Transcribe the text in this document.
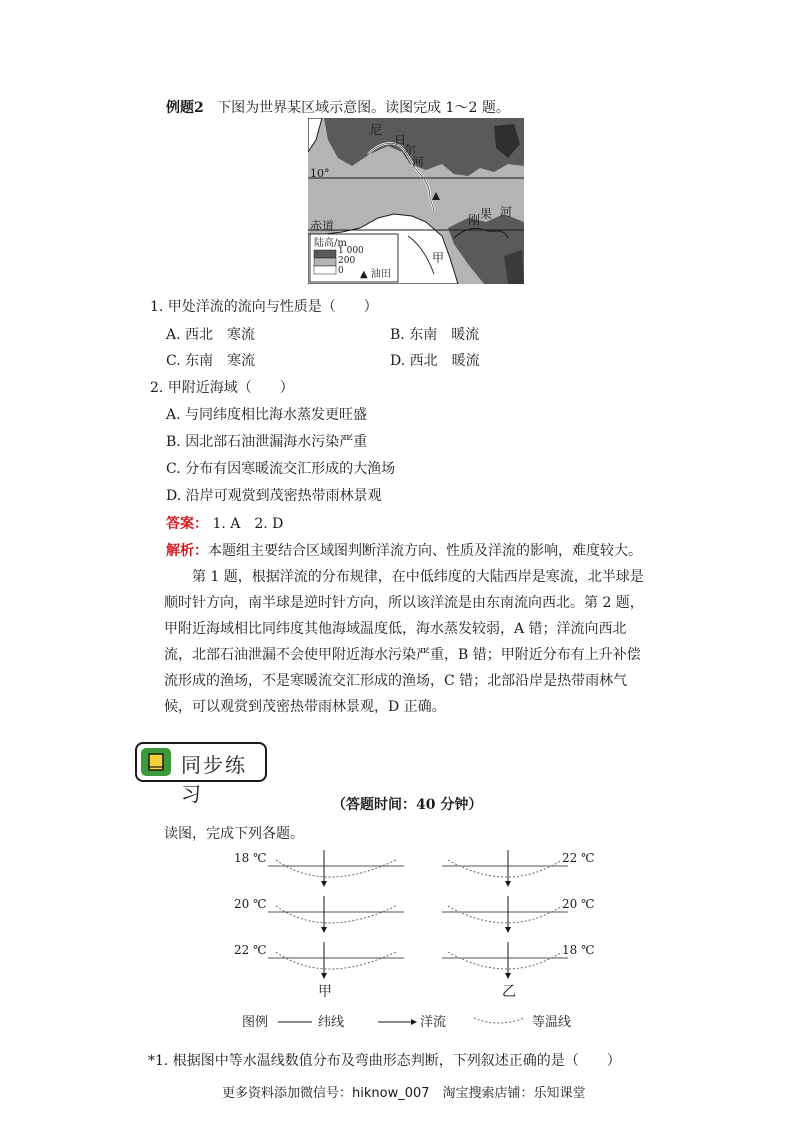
例题2 下图为世界某区域示意图。读图完成 1～2 题。
尼
日
尔
河
果
刚
河
10°
赤道
甲
陆高/m
1 000
200
0 ▲ 油田
1. 甲处洋流的流向与性质是（　　）
A. 西北　寒流	B. 东南　暖流
C. 东南　寒流	D. 西北　暖流
2. 甲附近海域（　　）
A. 与同纬度相比海水蒸发更旺盛
B. 因北部石油泄漏海水污染严重
C. 分布有因寒暖流交汇形成的大渔场
D. 沿岸可观赏到茂密热带雨林景观
答案： 1. A　2. D
解析：本题组主要结合区域图判断洋流方向、性质及洋流的影响，难度较大。
第 1 题，根据洋流的分布规律，在中低纬度的大陆西岸是寒流，北半球是顺时针方向，南半球是逆时针方向，所以该洋流是由东南流向西北。第 2 题，甲附近海域相比同纬度其他海域温度低，海水蒸发较弱，A 错；洋流向西北流，北部石油泄漏不会使甲附近海水污染严重，B 错；甲附近分布有上升补偿流形成的渔场，不是寒暖流交汇形成的渔场，C 错；北部沿岸是热带雨林气候，可以观赏到茂密热带雨林景观，D 正确。
同步练习	（答题时间：40 分钟）
读图，完成下列各题。
18 ℃
20 ℃
22 ℃
甲
22 ℃
20 ℃
18 ℃
乙
图例	纬线	洋流	等温线
*1. 根据图中等水温线数值分布及弯曲形态判断，下列叙述正确的是（　　）
更多资料添加微信号：hiknow_007　淘宝搜索店铺：乐知课堂
